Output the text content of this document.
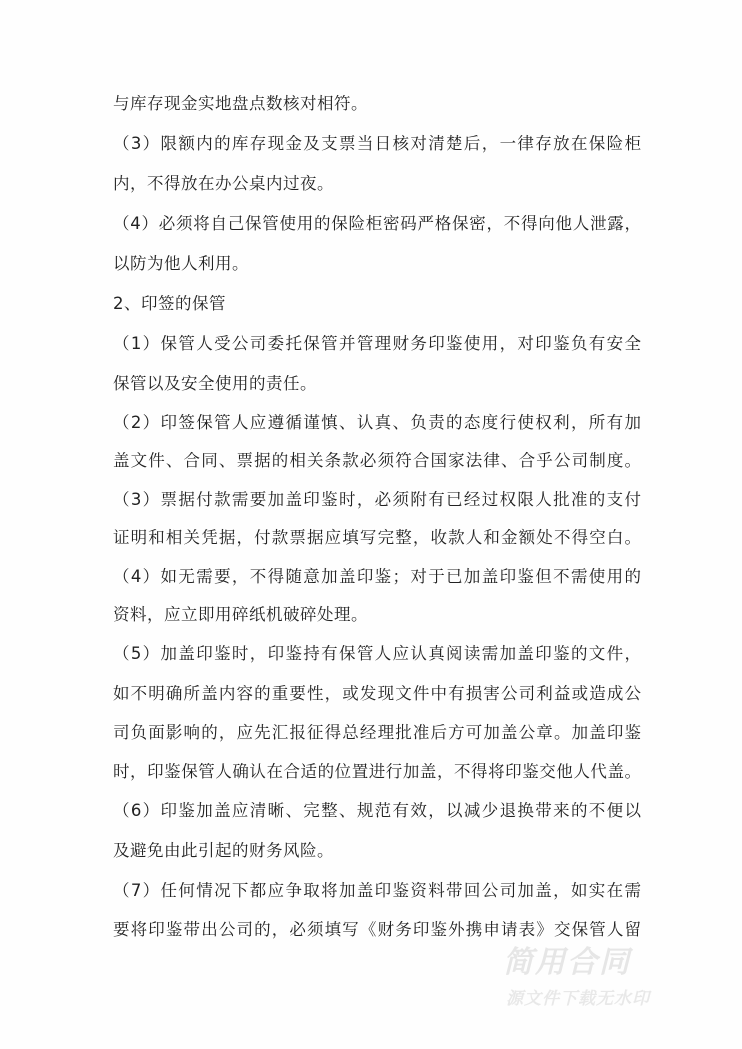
与库存现金实地盘点数核对相符。
（3）限额内的库存现金及支票当日核对清楚后，一律存放在保险柜
内，不得放在办公桌内过夜。
（4）必须将自己保管使用的保险柜密码严格保密，不得向他人泄露，
以防为他人利用。
2、印签的保管
（1）保管人受公司委托保管并管理财务印鉴使用，对印鉴负有安全
保管以及安全使用的责任。
（2）印签保管人应遵循谨慎、认真、负责的态度行使权利，所有加
盖文件、合同、票据的相关条款必须符合国家法律、合乎公司制度。
（3）票据付款需要加盖印鉴时，必须附有已经过权限人批准的支付
证明和相关凭据，付款票据应填写完整，收款人和金额处不得空白。
（4）如无需要，不得随意加盖印鉴；对于已加盖印鉴但不需使用的
资料，应立即用碎纸机破碎处理。
（5）加盖印鉴时，印鉴持有保管人应认真阅读需加盖印鉴的文件，
如不明确所盖内容的重要性，或发现文件中有损害公司利益或造成公
司负面影响的，应先汇报征得总经理批准后方可加盖公章。加盖印鉴
时，印鉴保管人确认在合适的位置进行加盖，不得将印鉴交他人代盖。
（6）印鉴加盖应清晰、完整、规范有效，以减少退换带来的不便以
及避免由此引起的财务风险。
（7）任何情况下都应争取将加盖印鉴资料带回公司加盖，如实在需
要将印鉴带出公司的，必须填写《财务印鉴外携申请表》交保管人留
简用合同
源文件下载无水印
